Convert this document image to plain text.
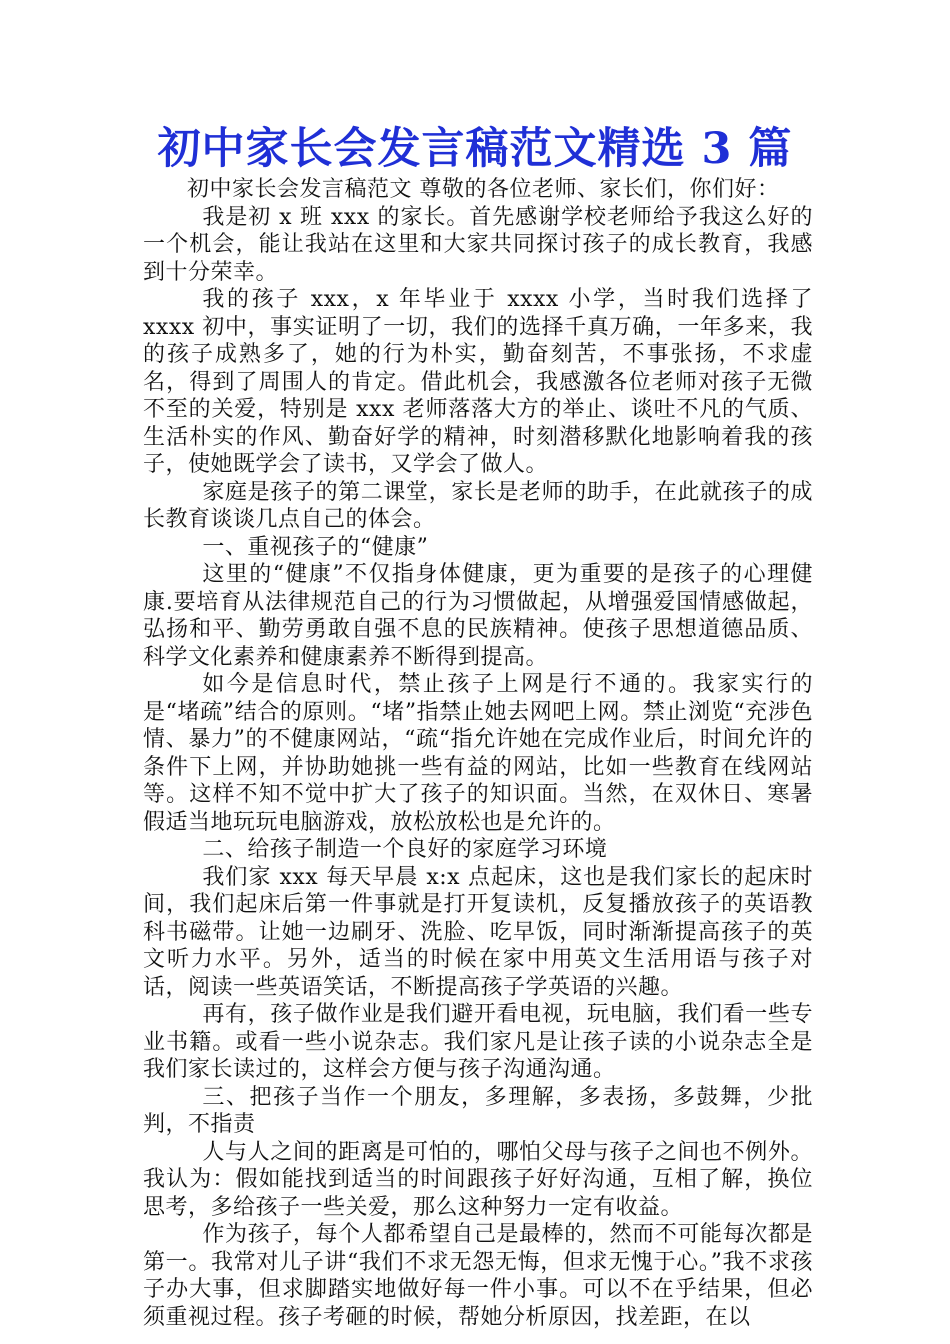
初中家长会发言稿范文精选 3 篇

初中家长会发言稿范文 尊敬的各位老师、家长们，你们好：

我是初 x 班 xxx 的家长。首先感谢学校老师给予我这么好的一个机会，能让我站在这里和大家共同探讨孩子的成长教育，我感到十分荣幸。

我的孩子 xxx，x 年毕业于 xxxx 小学，当时我们选择了 xxxx 初中，事实证明了一切，我们的选择千真万确，一年多来，我的孩子成熟多了，她的行为朴实，勤奋刻苦，不事张扬，不求虚名，得到了周围人的肯定。借此机会，我感激各位老师对孩子无微不至的关爱，特别是 xxx 老师落落大方的举止、谈吐不凡的气质、生活朴实的作风、勤奋好学的精神，时刻潜移默化地影响着我的孩子，使她既学会了读书，又学会了做人。

家庭是孩子的第二课堂，家长是老师的助手，在此就孩子的成长教育谈谈几点自己的体会。

一、重视孩子的“健康”

这里的“健康”不仅指身体健康，更为重要的是孩子的心理健康.要培育从法律规范自己的行为习惯做起，从增强爱国情感做起，弘扬和平、勤劳勇敢自强不息的民族精神。使孩子思想道德品质、科学文化素养和健康素养不断得到提高。

如今是信息时代，禁止孩子上网是行不通的。我家实行的是“堵疏”结合的原则。“堵”指禁止她去网吧上网。禁止浏览“充涉色情、暴力”的不健康网站，“疏“指允许她在完成作业后，时间允许的条件下上网，并协助她挑一些有益的网站，比如一些教育在线网站等。这样不知不觉中扩大了孩子的知识面。当然，在双休日、寒暑假适当地玩玩电脑游戏，放松放松也是允许的。

二、给孩子制造一个良好的家庭学习环境

我们家 xxx 每天早晨 x:x 点起床，这也是我们家长的起床时间，我们起床后第一件事就是打开复读机，反复播放孩子的英语教科书磁带。让她一边刷牙、洗脸、吃早饭，同时渐渐提高孩子的英文听力水平。另外，适当的时候在家中用英文生活用语与孩子对话，阅读一些英语笑话，不断提高孩子学英语的兴趣。

再有，孩子做作业是我们避开看电视，玩电脑，我们看一些专业书籍。或看一些小说杂志。我们家凡是让孩子读的小说杂志全是我们家长读过的，这样会方便与孩子沟通沟通。

三、把孩子当作一个朋友，多理解，多表扬，多鼓舞，少批判，不指责

人与人之间的距离是可怕的，哪怕父母与孩子之间也不例外。我认为：假如能找到适当的时间跟孩子好好沟通，互相了解，换位思考，多给孩子一些关爱，那么这种努力一定有收益。

作为孩子，每个人都希望自己是最棒的，然而不可能每次都是第一。我常对儿子讲“我们不求无怨无悔，但求无愧于心。”我不求孩子办大事，但求脚踏实地做好每一件小事。可以不在乎结果，但必须重视过程。孩子考砸的时候，帮她分析原因，找差距，在以
